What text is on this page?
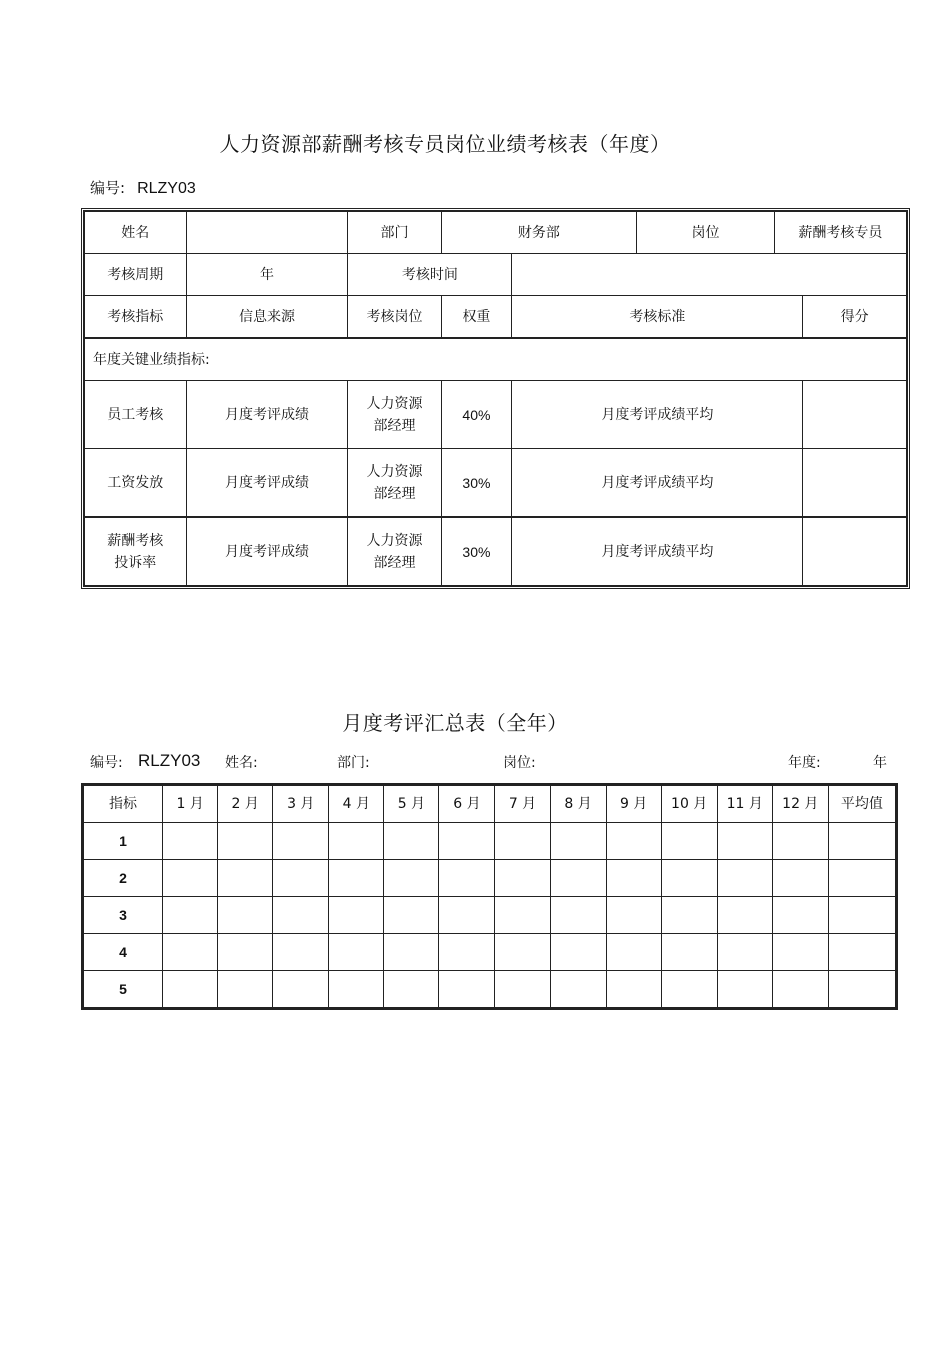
人力资源部薪酬考核专员岗位业绩考核表（年度）
编号: RLZY03
姓名		部门	财务部		岗位	薪酬考核专员	
考核周期	年	考核时间					
考核指标	信息来源	考核岗位	权重	考核标准			得分
年度关键业绩指标:							
员工考核	月度考评成绩	人力资源部经理	40%	月度考评成绩平均			
工资发放	月度考评成绩	人力资源部经理	30%	月度考评成绩平均			

薪酬考核投诉率	月度考评成绩	人力资源部经理	30%	月度考评成绩平均			
月度考评汇总表（全年）
编号: RLZY03 姓名:	部门:	岗位:	年度:	年
指标	1 月	2 月	3 月	4 月	5 月	6 月	7 月	8 月	9 月	10 月	11 月	12 月	平均值
1													
2													
3													
4													
5													
